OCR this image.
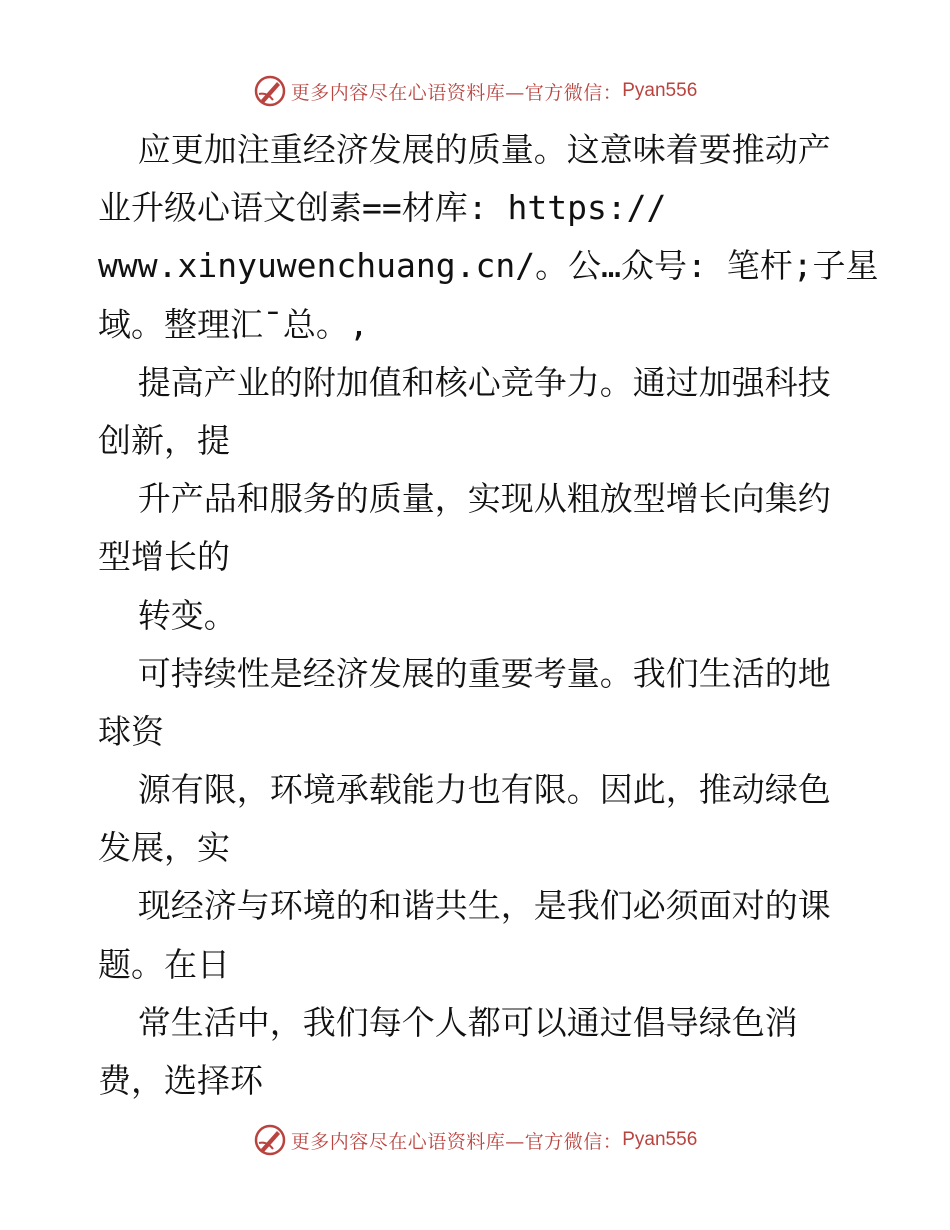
更多内容尽在心语资料库—官方微信： Pyan556
应更加注重经济发展的质量。这意味着要推动产
业升级心语文创素==材库: https://
www.xinyuwenchuang.cn/。公…众号: 笔杆;子星
域。整理汇¯总。,
提高产业的附加值和核心竞争力。通过加强科技
创新，提
升产品和服务的质量，实现从粗放型增长向集约
型增长的
转变。
可持续性是经济发展的重要考量。我们生活的地
球资
源有限，环境承载能力也有限。因此，推动绿色
发展，实
现经济与环境的和谐共生，是我们必须面对的课
题。在日
常生活中，我们每个人都可以通过倡导绿色消
费，选择环
更多内容尽在心语资料库—官方微信： Pyan556
